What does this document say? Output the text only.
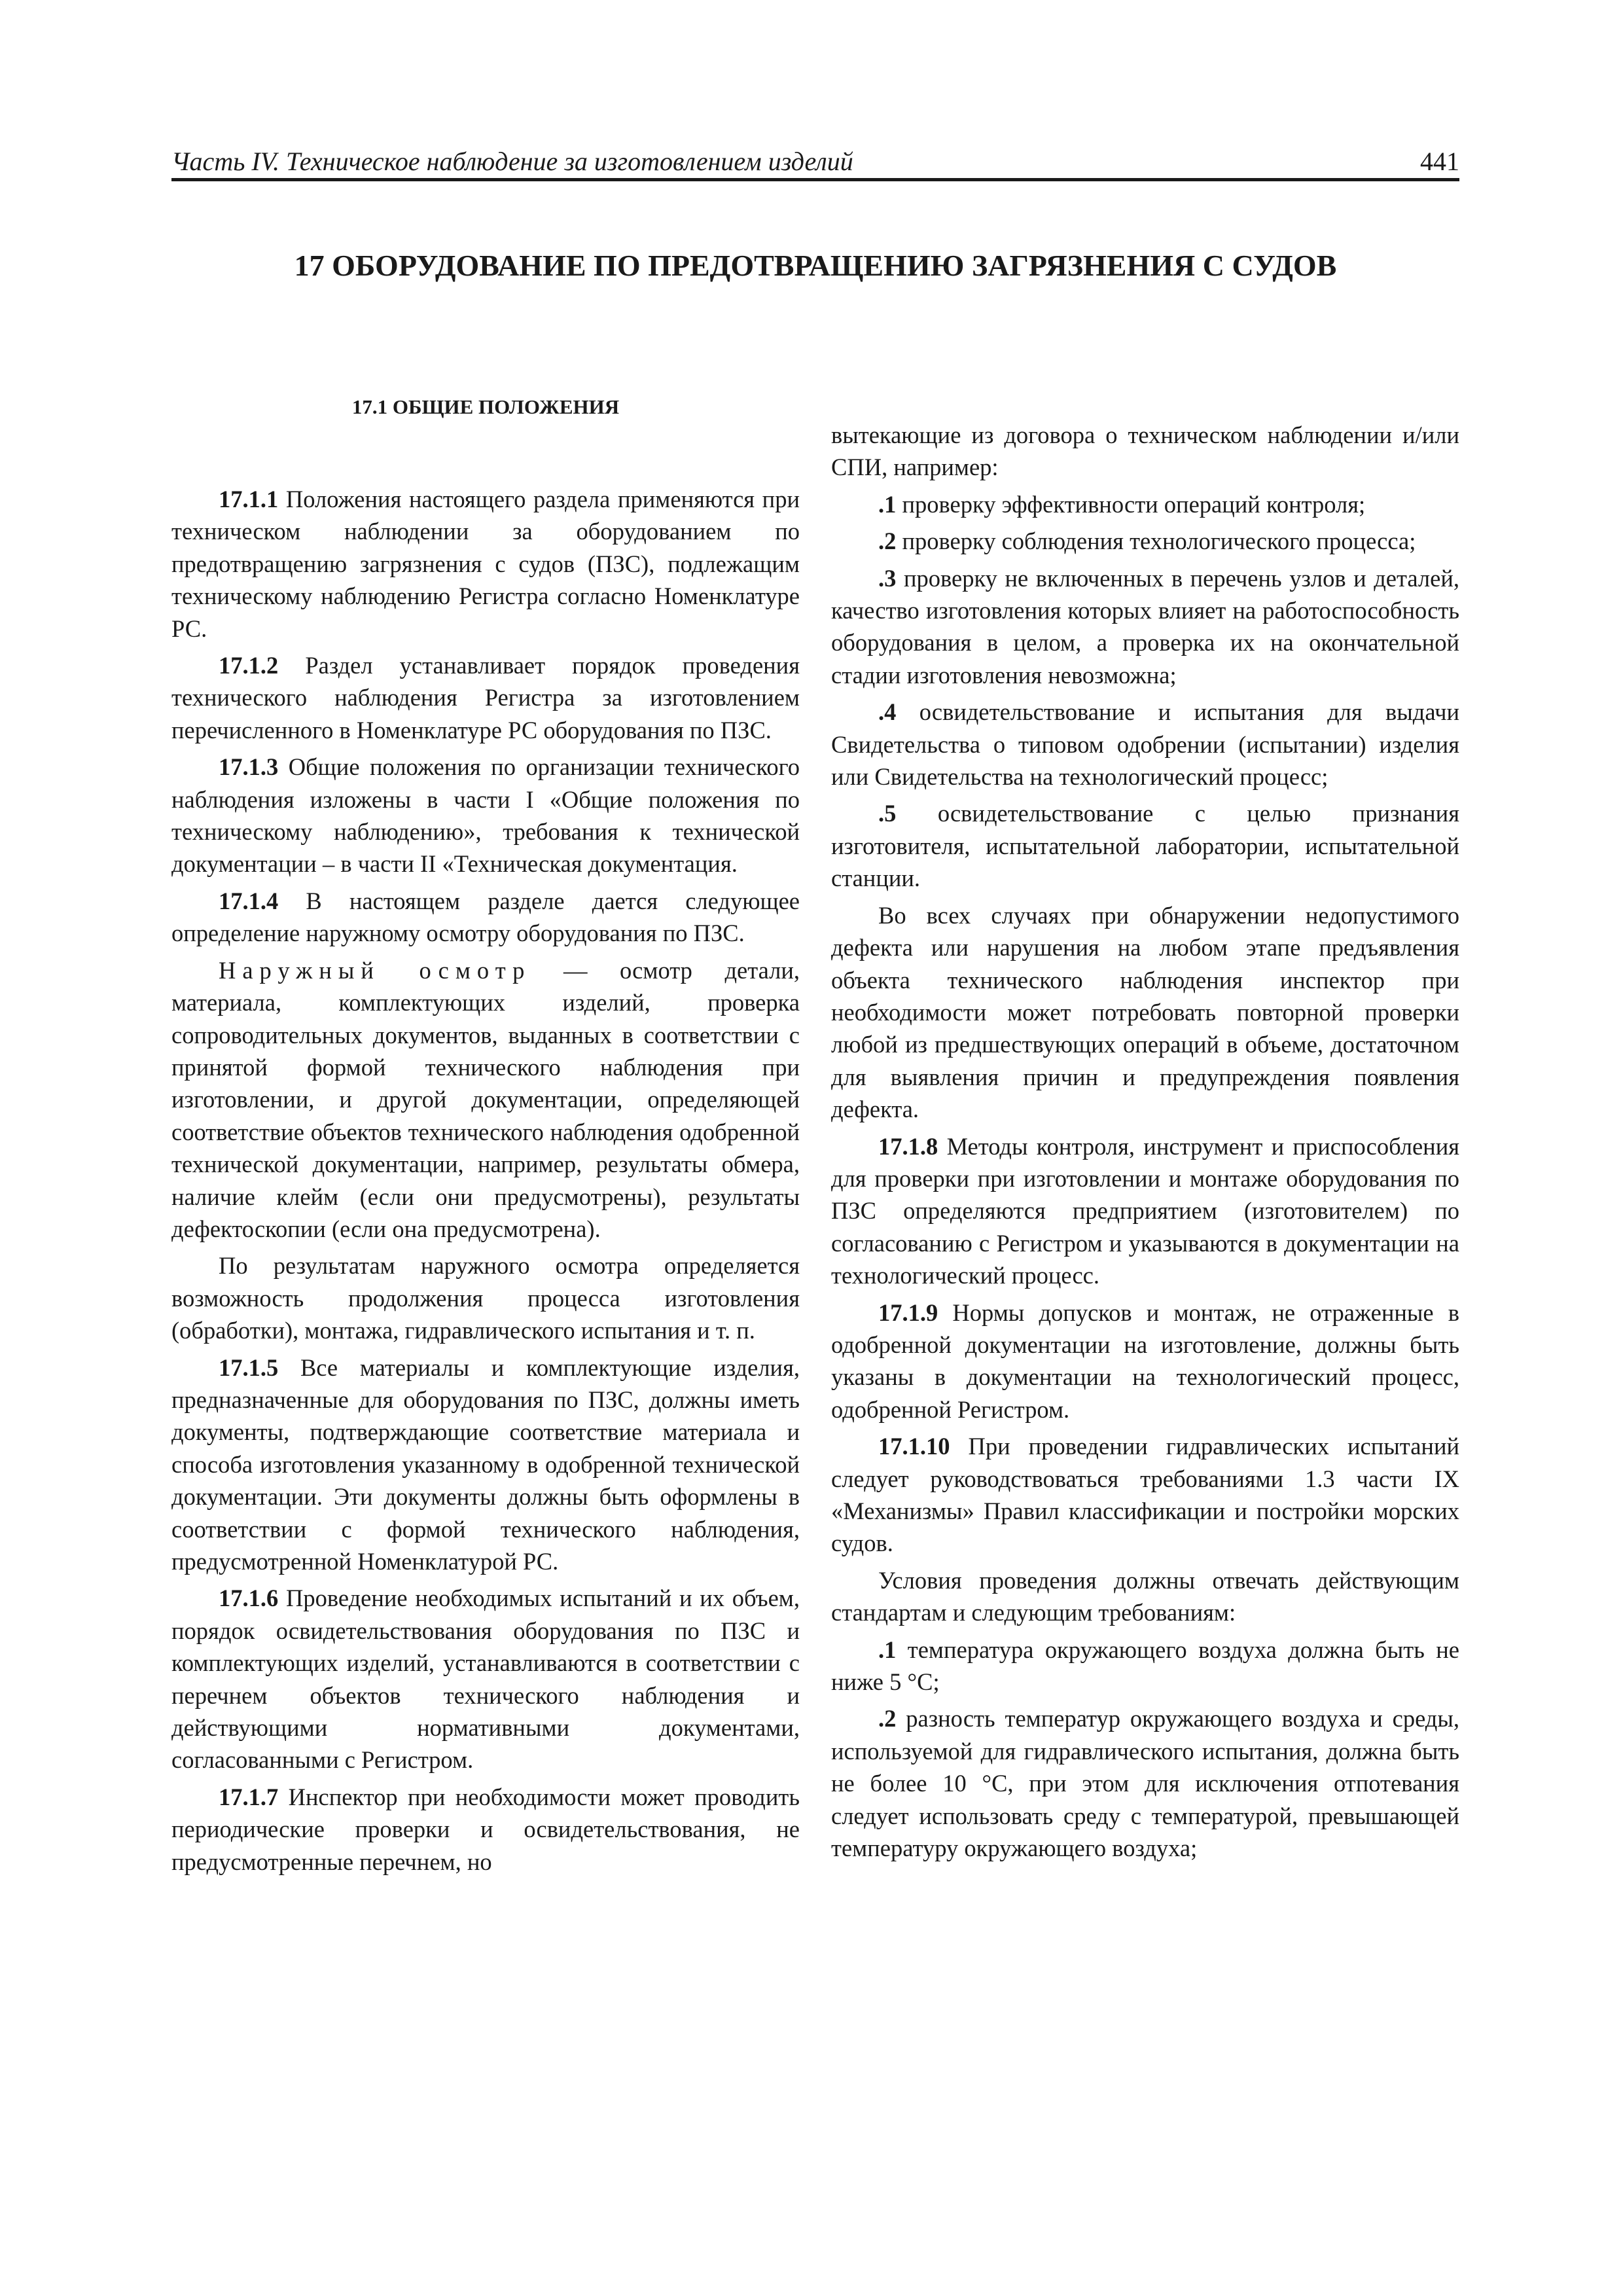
Часть IV. Техническое наблюдение за изготовлением изделий	441
17 ОБОРУДОВАНИЕ ПО ПРЕДОТВРАЩЕНИЮ ЗАГРЯЗНЕНИЯ С СУДОВ
17.1 ОБЩИЕ ПОЛОЖЕНИЯ

17.1.1 Положения настоящего раздела применяются при техническом наблюдении за оборудованием по предотвращению загрязнения с судов (ПЗС), подлежащим техническому наблюдению Регистра согласно Номенклатуре РС.

17.1.2 Раздел устанавливает порядок проведения технического наблюдения Регистра за изготовлением перечисленного в Номенклатуре РС оборудования по ПЗС.

17.1.3 Общие положения по организации технического наблюдения изложены в части I «Общие положения по техническому наблюдению», требования к технической документации – в части II «Техническая документация.

17.1.4 В настоящем разделе дается следующее определение наружному осмотру оборудования по ПЗС.

Наружный осмотр — осмотр детали, материала, комплектующих изделий, проверка сопроводительных документов, выданных в соответствии с принятой формой технического наблюдения при изготовлении, и другой документации, определяющей соответствие объектов технического наблюдения одобренной технической документации, например, результаты обмера, наличие клейм (если они предусмотрены), результаты дефектоскопии (если она предусмотрена).

По результатам наружного осмотра определяется возможность продолжения процесса изготовления (обработки), монтажа, гидравлического испытания и т. п.

17.1.5 Все материалы и комплектующие изделия, предназначенные для оборудования по ПЗС, должны иметь документы, подтверждающие соответствие материала и способа изготовления указанному в одобренной технической документации. Эти документы должны быть оформлены в соответствии с формой технического наблюдения, предусмотренной Номенклатурой РС.

17.1.6 Проведение необходимых испытаний и их объем, порядок освидетельствования оборудования по ПЗС и комплектующих изделий, устанавливаются в соответствии с перечнем объектов технического наблюдения и действующими нормативными документами, согласованными с Регистром.

17.1.7 Инспектор при необходимости может проводить периодические проверки и освидетельствования, не предусмотренные перечнем, но

вытекающие из договора о техническом наблюдении и/или СПИ, например:

.1 проверку эффективности операций контроля;

.2 проверку соблюдения технологического процесса;

.3 проверку не включенных в перечень узлов и деталей, качество изготовления которых влияет на работоспособность оборудования в целом, а проверка их на окончательной стадии изготовления невозможна;

.4 освидетельствование и испытания для выдачи Свидетельства о типовом одобрении (испытании) изделия или Свидетельства на технологический процесс;

.5 освидетельствование с целью признания изготовителя, испытательной лаборатории, испытательной станции.

Во всех случаях при обнаружении недопустимого дефекта или нарушения на любом этапе предъявления объекта технического наблюдения инспектор при необходимости может потребовать повторной проверки любой из предшествующих операций в объеме, достаточном для выявления причин и предупреждения появления дефекта.

17.1.8 Методы контроля, инструмент и приспособления для проверки при изготовлении и монтаже оборудования по ПЗС определяются предприятием (изготовителем) по согласованию с Регистром и указываются в документации на технологический процесс.

17.1.9 Нормы допусков и монтаж, не отраженные в одобренной документации на изготовление, должны быть указаны в документации на технологический процесс, одобренной Регистром.

17.1.10 При проведении гидравлических испытаний следует руководствоваться требованиями 1.3 части IX «Механизмы» Правил классификации и постройки морских судов.

Условия проведения должны отвечать действующим стандартам и следующим требованиям:

.1 температура окружающего воздуха должна быть не ниже 5 °С;

.2 разность температур окружающего воздуха и среды, используемой для гидравлического испытания, должна быть не более 10 °С, при этом для исключения отпотевания следует использовать среду с температурой, превышающей температуру окружающего воздуха;
